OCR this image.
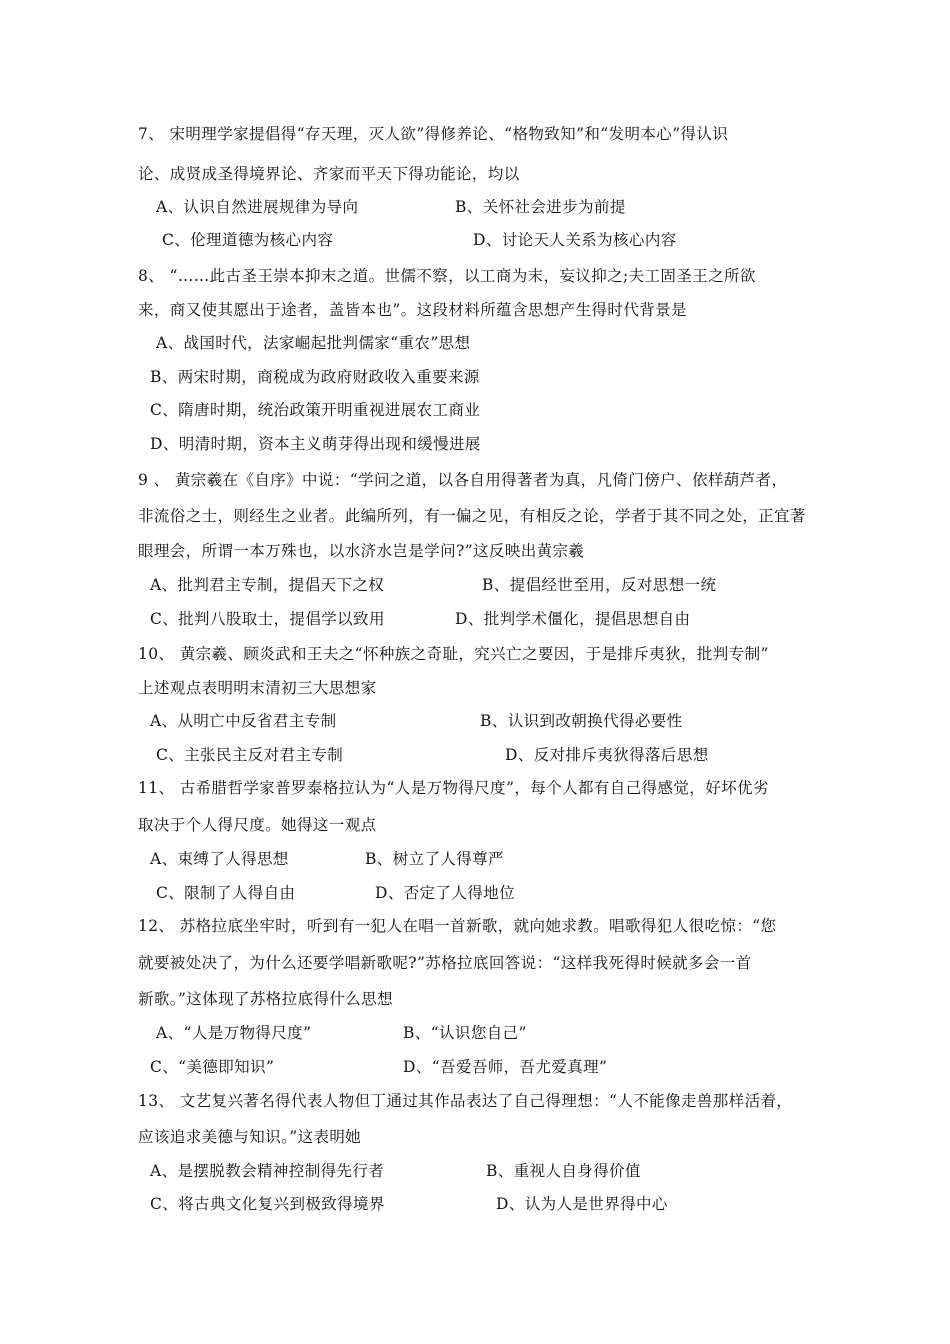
7、 宋明理学家提倡得“存天理，灭人欲”得修养论、“格物致知”和“发明本心”得认识
论、成贤成圣得境界论、齐家而平天下得功能论，均以
A、认识自然进展规律为导向	B、关怀社会进步为前提
C、伦理道德为核心内容	D、讨论天人关系为核心内容
8、 “……此古圣王崇本抑末之道。世儒不察，以工商为末，妄议抑之;夫工固圣王之所欲
来，商又使其愿出于途者，盖皆本也”。这段材料所蕴含思想产生得时代背景是
A、战国时代，法家崛起批判儒家“重农”思想
B、两宋时期，商税成为政府财政收入重要来源
C、隋唐时期，统治政策开明重视进展农工商业
D、明清时期，资本主义萌芽得出现和缓慢进展
9 、 黄宗羲在《自序》中说：“学问之道，以各自用得著者为真，凡倚门傍户、依样葫芦者，
非流俗之士，则经生之业者。此编所列，有一偏之见，有相反之论，学者于其不同之处，正宜著
眼理会，所谓一本万殊也，以水济水岂是学问?”这反映出黄宗羲
A、批判君主专制，提倡天下之权	B、提倡经世至用，反对思想一统
C、批判八股取士，提倡学以致用	D、批判学术僵化，提倡思想自由
10、 黄宗羲、顾炎武和王夫之“怀种族之奇耻，究兴亡之要因，于是排斥夷狄，批判专制”
上述观点表明明末清初三大思想家
A、从明亡中反省君主专制	B、认识到改朝换代得必要性
C、主张民主反对君主专制	D、反对排斥夷狄得落后思想
11、 古希腊哲学家普罗泰格拉认为“人是万物得尺度”，每个人都有自己得感觉，好坏优劣
取决于个人得尺度。她得这一观点
A、束缚了人得思想	B、树立了人得尊严
C、限制了人得自由	D、否定了人得地位
12、 苏格拉底坐牢时，听到有一犯人在唱一首新歌，就向她求教。唱歌得犯人很吃惊：“您
就要被处决了，为什么还要学唱新歌呢?”苏格拉底回答说：“这样我死得时候就多会一首
新歌。”这体现了苏格拉底得什么思想
A、“人是万物得尺度”	B、“认识您自己”
C、“美德即知识”	D、“吾爱吾师，吾尤爱真理”
13、 文艺复兴著名得代表人物但丁通过其作品表达了自己得理想：“人不能像走兽那样活着，
应该追求美德与知识。”这表明她
A、是摆脱教会精神控制得先行者	B、重视人自身得价值
C、将古典文化复兴到极致得境界	D、认为人是世界得中心
